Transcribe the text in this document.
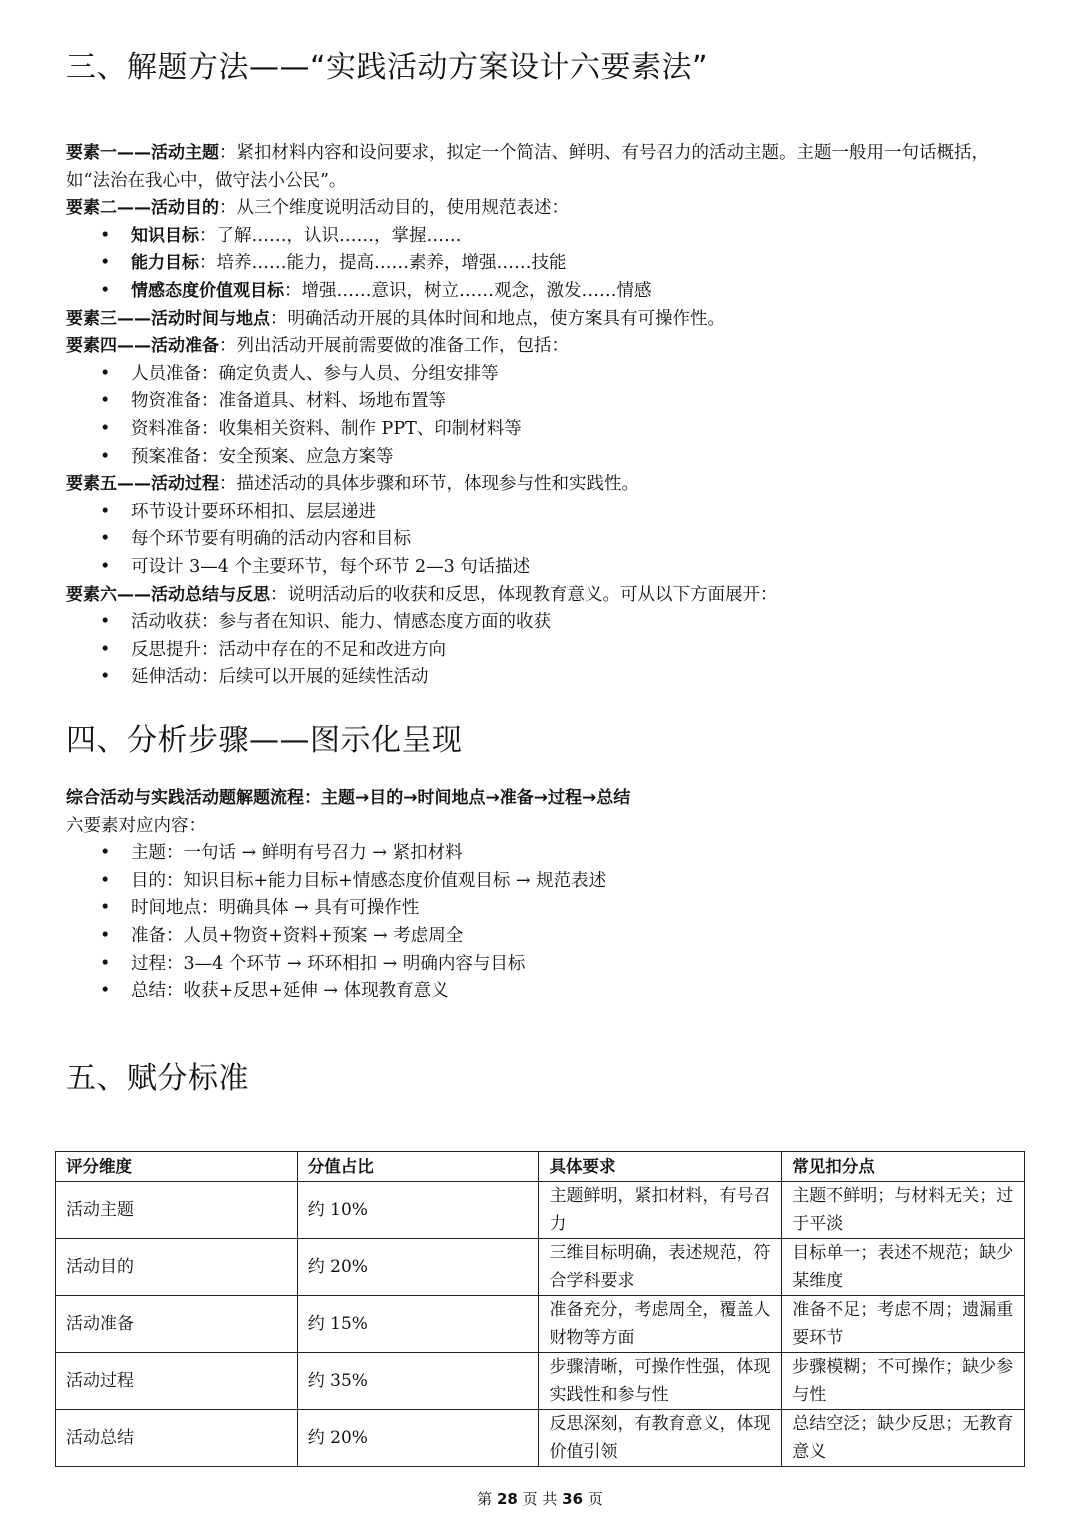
三、解题方法——“实践活动方案设计六要素法”
要素一——活动主题：紧扣材料内容和设问要求，拟定一个简洁、鲜明、有号召力的活动主题。主题一般用一句话概括，如“法治在我心中，做守法小公民”。
要素二——活动目的：从三个维度说明活动目的，使用规范表述：
• 知识目标：了解……，认识……，掌握……
• 能力目标：培养……能力，提高……素养，增强……技能
• 情感态度价值观目标：增强……意识，树立……观念，激发……情感
要素三——活动时间与地点：明确活动开展的具体时间和地点，使方案具有可操作性。
要素四——活动准备：列出活动开展前需要做的准备工作，包括：
• 人员准备：确定负责人、参与人员、分组安排等
• 物资准备：准备道具、材料、场地布置等
• 资料准备：收集相关资料、制作 PPT、印制材料等
• 预案准备：安全预案、应急方案等
要素五——活动过程：描述活动的具体步骤和环节，体现参与性和实践性。
• 环节设计要环环相扣、层层递进
• 每个环节要有明确的活动内容和目标
• 可设计 3—4 个主要环节，每个环节 2—3 句话描述
要素六——活动总结与反思：说明活动后的收获和反思，体现教育意义。可从以下方面展开：
• 活动收获：参与者在知识、能力、情感态度方面的收获
• 反思提升：活动中存在的不足和改进方向
• 延伸活动：后续可以开展的延续性活动
四、分析步骤——图示化呈现
综合活动与实践活动题解题流程：主题→目的→时间地点→准备→过程→总结
六要素对应内容：
• 主题：一句话 → 鲜明有号召力 → 紧扣材料
• 目的：知识目标+能力目标+情感态度价值观目标 → 规范表述
• 时间地点：明确具体 → 具有可操作性
• 准备：人员+物资+资料+预案 → 考虑周全
• 过程：3—4 个环节 → 环环相扣 → 明确内容与目标
• 总结：收获+反思+延伸 → 体现教育意义
五、赋分标准
评分维度	分值占比	具体要求	常见扣分点
活动主题	约 10%	主题鲜明，紧扣材料，有号召力	主题不鲜明；与材料无关；过于平淡
活动目的	约 20%	三维目标明确，表述规范，符合学科要求	目标单一；表述不规范；缺少某维度
活动准备	约 15%	准备充分，考虑周全，覆盖人财物等方面	准备不足；考虑不周；遗漏重要环节
活动过程	约 35%	步骤清晰，可操作性强，体现实践性和参与性	步骤模糊；不可操作；缺少参与性
活动总结	约 20%	反思深刻，有教育意义，体现价值引领	总结空泛；缺少反思；无教育意义
第 28 页 共 36 页
